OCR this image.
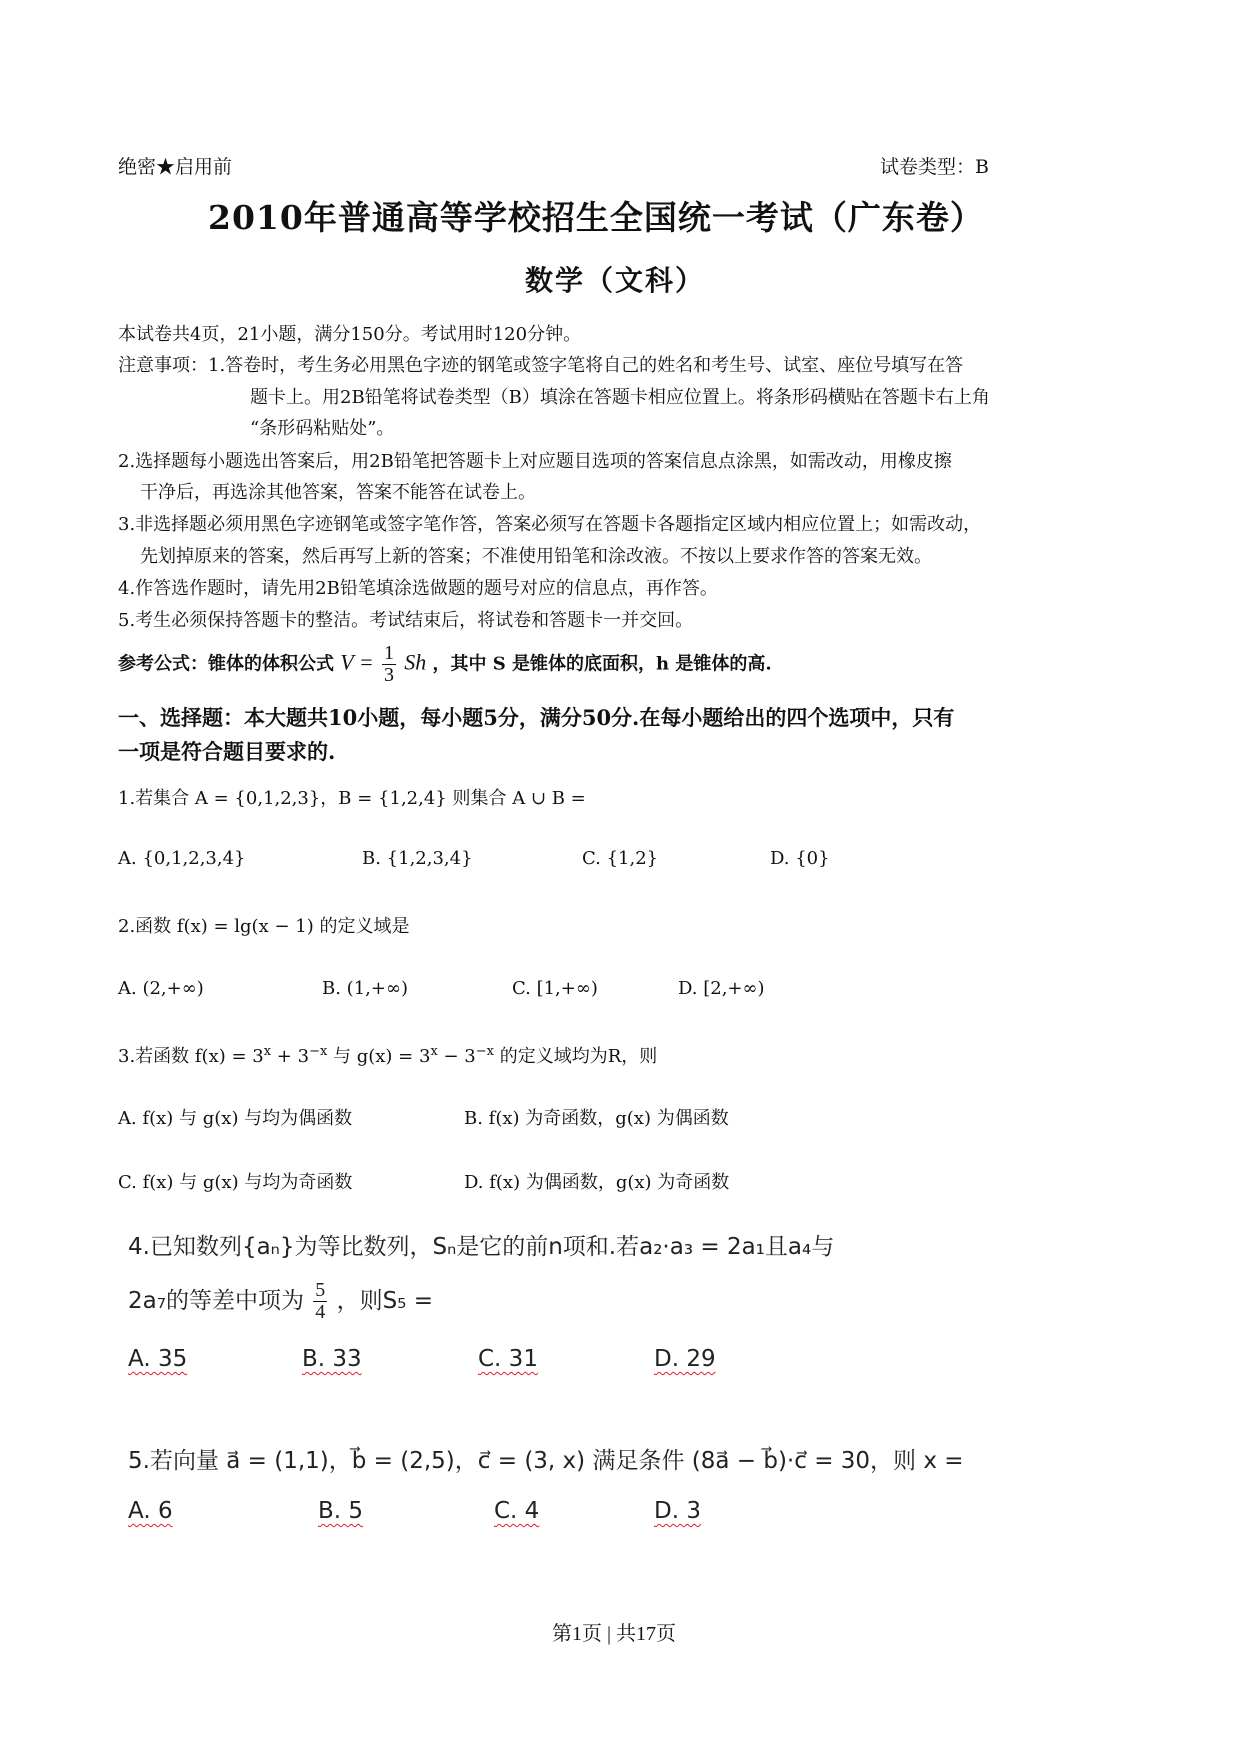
绝密★启用前	试卷类型：B
2010年普通高等学校招生全国统一考试（广东卷）
数学（文科）
本试卷共4页，21小题，满分150分。考试用时120分钟。
注意事项：1.答卷时，考生务必用黑色字迹的钢笔或签字笔将自己的姓名和考生号、试室、座位号填写在答
题卡上。用2B铅笔将试卷类型（B）填涂在答题卡相应位置上。将条形码横贴在答题卡右上角
“条形码粘贴处”。
2.选择题每小题选出答案后，用2B铅笔把答题卡上对应题目选项的答案信息点涂黑，如需改动，用橡皮擦
干净后，再选涂其他答案，答案不能答在试卷上。
3.非选择题必须用黑色字迹钢笔或签字笔作答，答案必须写在答题卡各题指定区域内相应位置上；如需改动，
先划掉原来的答案，然后再写上新的答案；不准使用铅笔和涂改液。不按以上要求作答的答案无效。
4.作答选作题时，请先用2B铅笔填涂选做题的题号对应的信息点，再作答。
5.考生必须保持答题卡的整洁。考试结束后，将试卷和答题卡一并交回。
参考公式：锥体的体积公式 $V = \frac{1}{3}$ Sh ，其中 S 是锥体的底面积，h 是锥体的高.
一、选择题：本大题共10小题，每小题5分，满分50分.在每小题给出的四个选项中，只有
一项是符合题目要求的.
1.若集合 A = {0,1,2,3}，B = {1,2,4} 则集合 A ∪ B =
A. {0,1,2,3,4}	B. {1,2,3,4}	C. {1,2}	D. {0}
2.函数 f(x) = lg(x − 1) 的定义域是
A. (2,+∞)	B. (1,+∞)	C. [1,+∞)	D. [2,+∞)
3.若函数 $f(x) = 3^x + 3^{-x}$ 与 $g(x) = 3^x - 3^{-x}$ 的定义域均为R，则
A. f(x) 与 g(x) 与均为偶函数	B. f(x) 为奇函数，g(x) 为偶函数
C. f(x) 与 g(x) 与均为奇函数	D. f(x) 为偶函数，g(x) 为奇函数
4.已知数列{aₙ}为等比数列，Sₙ是它的前n项和.若a₂·a₃ = 2a₁且a₄与
2a₇的等差中项为 $\frac{5}{4}$ ，则S₅ =
A. 35	B. 33	C. 31	D. 29
5.若向量 a⃗ = (1,1)，b⃗ = (2,5)，c⃗ = (3, x) 满足条件 (8a⃗ − b⃗)·c⃗ = 30，则 x =
A. 6	B. 5	C. 4	D. 3
第1页 | 共17页
